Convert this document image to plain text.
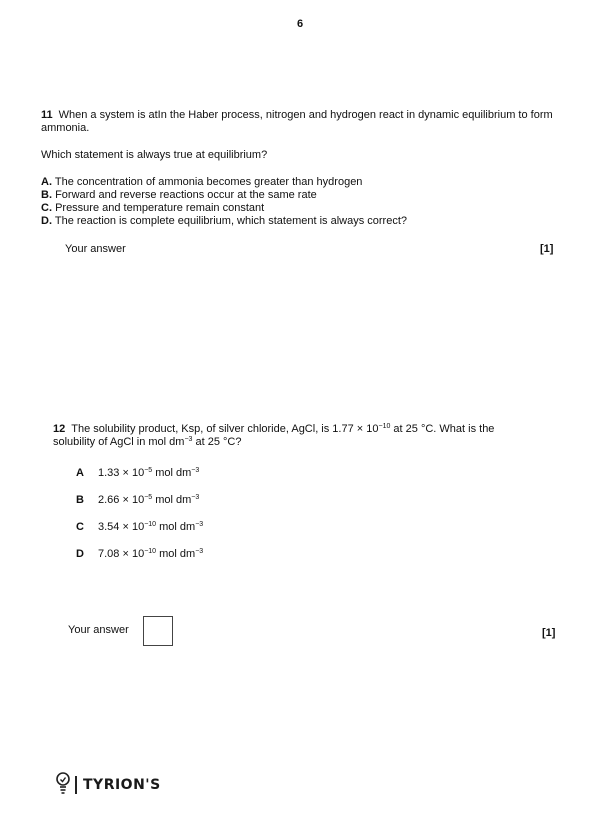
6
11 When a system is atIn the Haber process, nitrogen and hydrogen react in dynamic equilibrium to form ammonia.
Which statement is always true at equilibrium?
A. The concentration of ammonia becomes greater than hydrogen
B. Forward and reverse reactions occur at the same rate
C. Pressure and temperature remain constant
D. The reaction is complete equilibrium, which statement is always correct?
Your answer	[1]
12 The solubility product, Ksp, of silver chloride, AgCl, is $1.77 \times 10^{-10}$ at 25 °C. What is the solubility of AgCl in mol $dm^{-3}$ at 25 °C?
A	$1.33 \times 10^{-5}$ mol $dm^{-3}$
B	$2.66 \times 10^{-5}$ mol $dm^{-3}$
C	$3.54 \times 10^{-10}$ mol $dm^{-3}$
D	$7.08 \times 10^{-10}$ mol $dm^{-3}$
Your answer	[1]
TYRION'S
